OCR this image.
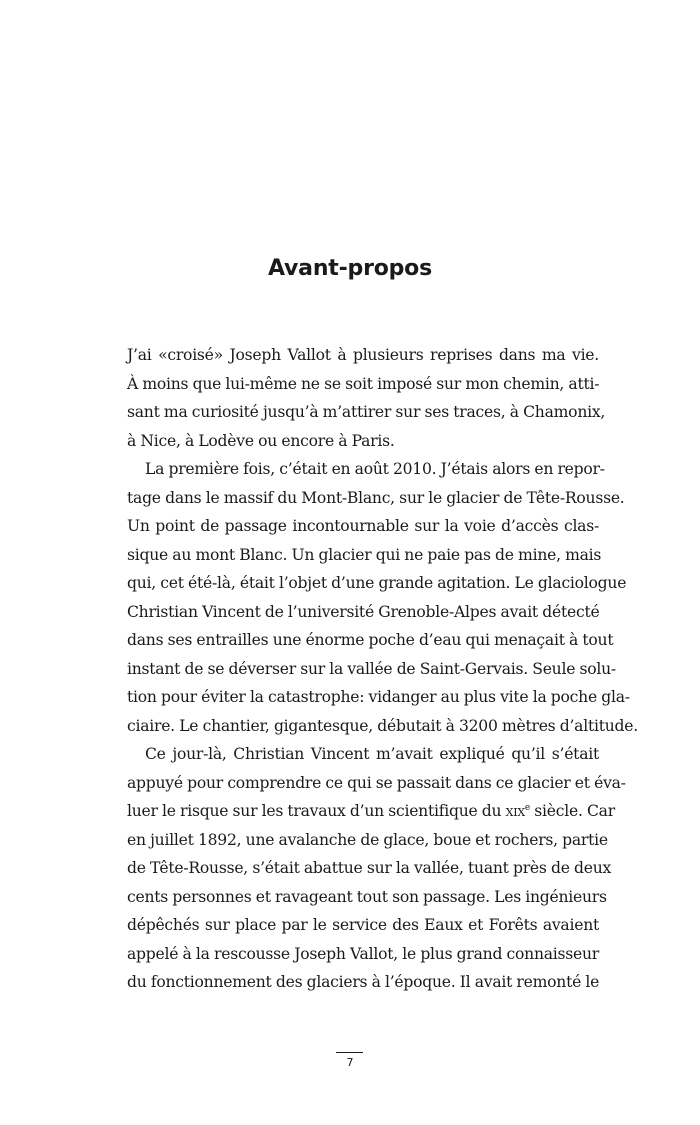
Avant-propos
J’ai «croisé» Joseph Vallot à plusieurs reprises dans ma vie.
À moins que lui-même ne se soit imposé sur mon chemin, atti-
sant ma curiosité jusqu’à m’attirer sur ses traces, à Chamonix,
à Nice, à Lodève ou encore à Paris.
La première fois, c’était en août 2010. J’étais alors en repor-
tage dans le massif du Mont-Blanc, sur le glacier de Tête-Rousse.
Un point de passage incontournable sur la voie d’accès clas-
sique au mont Blanc. Un glacier qui ne paie pas de mine, mais
qui, cet été-là, était l’objet d’une grande agitation. Le glaciologue
Christian Vincent de l’université Grenoble-Alpes avait détecté
dans ses entrailles une énorme poche d’eau qui menaçait à tout
instant de se déverser sur la vallée de Saint-Gervais. Seule solu-
tion pour éviter la catastrophe: vidanger au plus vite la poche gla-
ciaire. Le chantier, gigantesque, débutait à 3200 mètres d’altitude.
Ce jour-là, Christian Vincent m’avait expliqué qu’il s’était
appuyé pour comprendre ce qui se passait dans ce glacier et éva-
luer le risque sur les travaux d’un scientifique du xix$^e$ siècle. Car
en juillet 1892, une avalanche de glace, boue et rochers, partie
de Tête-Rousse, s’était abattue sur la vallée, tuant près de deux
cents personnes et ravageant tout son passage. Les ingénieurs
dépêchés sur place par le service des Eaux et Forêts avaient
appelé à la rescousse Joseph Vallot, le plus grand connaisseur
du fonctionnement des glaciers à l’époque. Il avait remonté le
7
